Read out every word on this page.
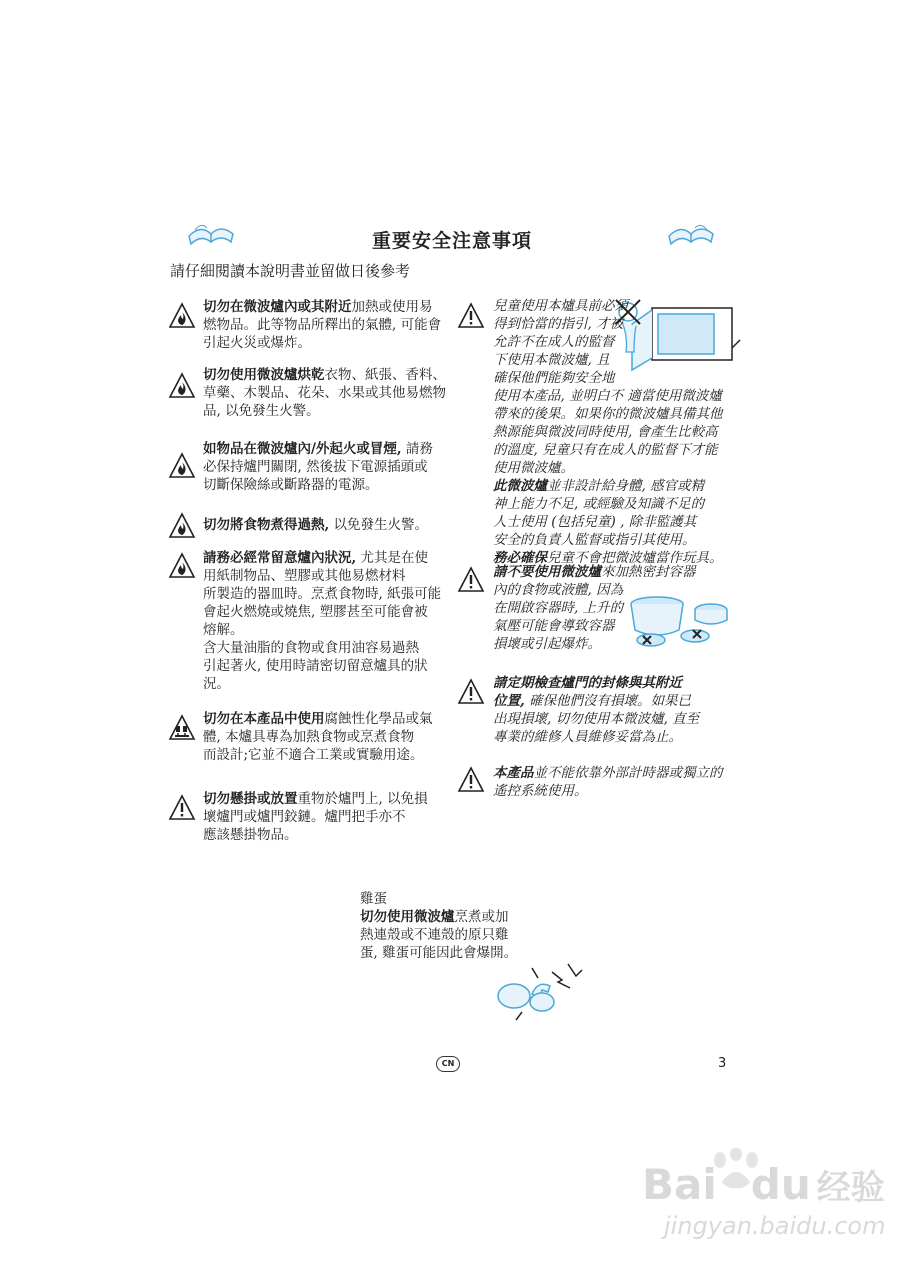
重要安全注意事項
請仔細閱讀本說明書並留做日後參考
切勿在微波爐內或其附近加熱或使用易
燃物品。此等物品所釋出的氣體, 可能會
引起火災或爆炸。
切勿使用微波爐烘乾衣物、紙張、香料、
草藥、木製品、花朵、水果或其他易燃物
品, 以免發生火警。
如物品在微波爐內/外起火或冒煙, 請務
必保持爐門關閉, 然後拔下電源插頭或
切斷保險絲或斷路器的電源。
切勿將食物煮得過熱, 以免發生火警。
請務必經常留意爐內狀況, 尤其是在使
用紙制物品、塑膠或其他易燃材料
所製造的器皿時。烹煮食物時, 紙張可能
會起火燃燒或燒焦, 塑膠甚至可能會被
熔解。
含大量油脂的食物或食用油容易過熱
引起著火, 使用時請密切留意爐具的狀
況。
切勿在本產品中使用腐蝕性化學品或氣
體, 本爐具專為加熱食物或烹煮食物
而設計;它並不適合工業或實驗用途。
切勿懸掛或放置重物於爐門上, 以免損
壞爐門或爐門鉸鏈。爐門把手亦不
應該懸掛物品。
兒童使用本爐具前必須
得到恰當的指引, 才被
允許不在成人的監督
下使用本微波爐, 且
確保他們能夠安全地
使用本產品, 並明白不 適當使用微波爐
帶來的後果。如果你的微波爐具備其他
熱源能與微波同時使用, 會產生比較高
的溫度, 兒童只有在成人的監督下才能
使用微波爐。
此微波爐並非設計給身體, 感官或精
神上能力不足, 或經驗及知識不足的
人士使用 (包括兒童) , 除非監護其
安全的負責人監督或指引其使用。
務必確保兒童不會把微波爐當作玩具。
請不要使用微波爐來加熱密封容器
內的食物或液體, 因為
在開啟容器時, 上升的
氣壓可能會導致容器
損壞或引起爆炸。
請定期檢查爐門的封條與其附近
位置, 確保他們沒有損壞。如果已
出現損壞, 切勿使用本微波爐, 直至
專業的維修人員維修妥當為止。
本產品並不能依靠外部計時器或獨立的
遙控系統使用。
雞蛋
切勿使用微波爐烹煮或加
熱連殼或不連殼的原只雞
蛋, 雞蛋可能因此會爆開。
CN	3
Bai du 经验
jingyan.baidu.com
